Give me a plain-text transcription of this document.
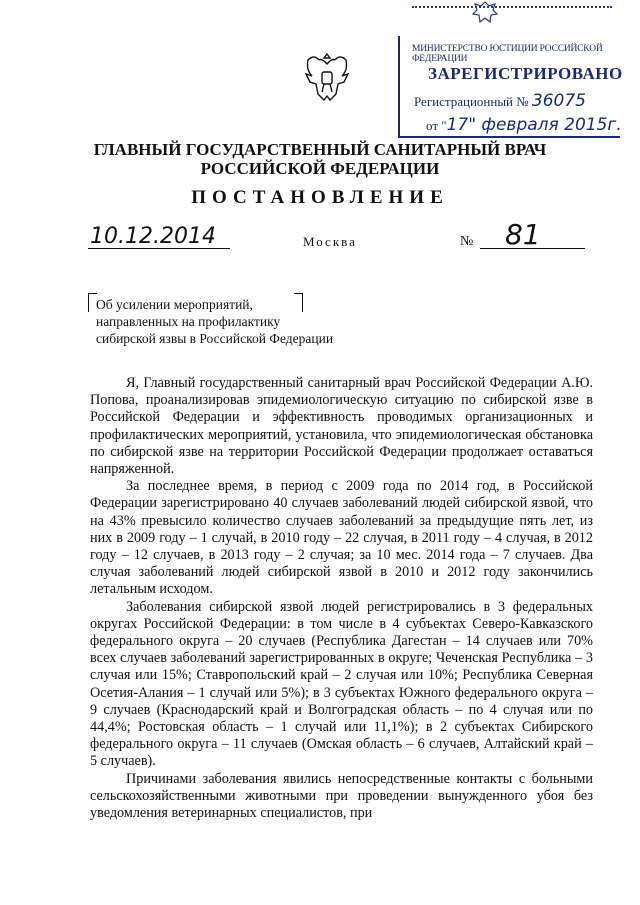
МИНИСТЕРСТВО ЮСТИЦИИ РОССИЙСКОЙ ФЕДЕРАЦИИ
ЗАРЕГИСТРИРОВАНО
Регистрационный № 36075
от "17" февраля 2015г.
ГЛАВНЫЙ ГОСУДАРСТВЕННЫЙ САНИТАРНЫЙ ВРАЧ
РОССИЙСКОЙ ФЕДЕРАЦИИ
ПОСТАНОВЛЕНИЕ
10.12.2014	Москва	№ 81
Об усилении мероприятий,
направленных на профилактику
сибирской язвы в Российской Федерации

Я, Главный государственный санитарный врач Российской Федерации А.Ю. Попова, проанализировав эпидемиологическую ситуацию по сибирской язве в Российской Федерации и эффективность проводимых организационных и профилактических мероприятий, установила, что эпидемиологическая обстановка по сибирской язве на территории Российской Федерации продолжает оставаться напряженной.

За последнее время, в период с 2009 года по 2014 год, в Российской Федерации зарегистрировано 40 случаев заболеваний людей сибирской язвой, что на 43% превысило количество случаев заболеваний за предыдущие пять лет, из них в 2009 году – 1 случай, в 2010 году – 22 случая, в 2011 году – 4 случая, в 2012 году – 12 случаев, в 2013 году – 2 случая; за 10 мес. 2014 года – 7 случаев. Два случая заболеваний людей сибирской язвой в 2010 и 2012 году закончились летальным исходом.

Заболевания сибирской язвой людей регистрировались в 3 федеральных округах Российской Федерации: в том числе в 4 субъектах Северо-Кавказского федерального округа – 20 случаев (Республика Дагестан – 14 случаев или 70% всех случаев заболеваний зарегистрированных в округе; Чеченская Республика – 3 случая или 15%; Ставропольский край – 2 случая или 10%; Республика Северная Осетия-Алания – 1 случай или 5%); в 3 субъектах Южного федерального округа – 9 случаев (Краснодарский край и Волгоградская область – по 4 случая или по 44,4%; Ростовская область – 1 случай или 11,1%); в 2 субъектах Сибирского федерального округа – 11 случаев (Омская область – 6 случаев, Алтайский край – 5 случаев).

Причинами заболевания явились непосредственные контакты с больными сельскохозяйственными животными при проведении вынужденного убоя без уведомления ветеринарных специалистов, при
